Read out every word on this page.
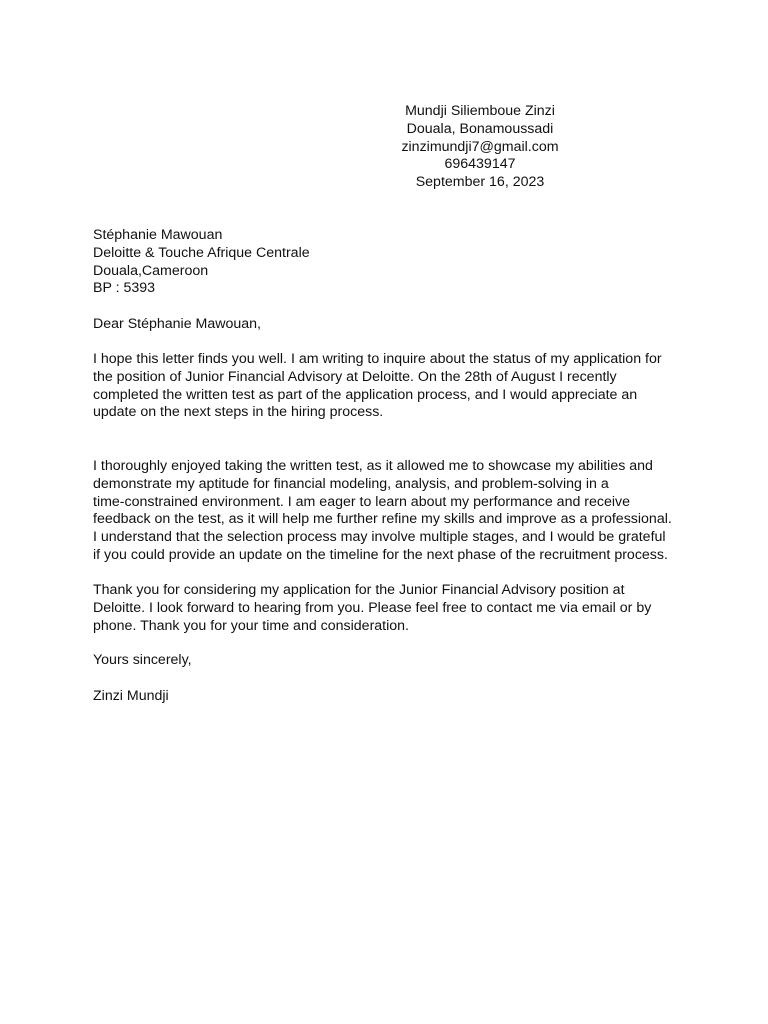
Mundji Siliemboue Zinzi
Douala, Bonamoussadi
zinzimundji7@gmail.com
696439147
September 16, 2023
Stéphanie Mawouan
Deloitte & Touche Afrique Centrale
Douala,Cameroon
BP : 5393
Dear Stéphanie Mawouan,
I hope this letter finds you well. I am writing to inquire about the status of my application for
the position of Junior Financial Advisory at Deloitte. On the 28th of August I recently
completed the written test as part of the application process, and I would appreciate an
update on the next steps in the hiring process.
I thoroughly enjoyed taking the written test, as it allowed me to showcase my abilities and
demonstrate my aptitude for financial modeling, analysis, and problem-solving in a
time-constrained environment. I am eager to learn about my performance and receive
feedback on the test, as it will help me further refine my skills and improve as a professional.
I understand that the selection process may involve multiple stages, and I would be grateful
if you could provide an update on the timeline for the next phase of the recruitment process.
Thank you for considering my application for the Junior Financial Advisory position at
Deloitte. I look forward to hearing from you. Please feel free to contact me via email or by
phone. Thank you for your time and consideration.
Yours sincerely,
Zinzi Mundji
